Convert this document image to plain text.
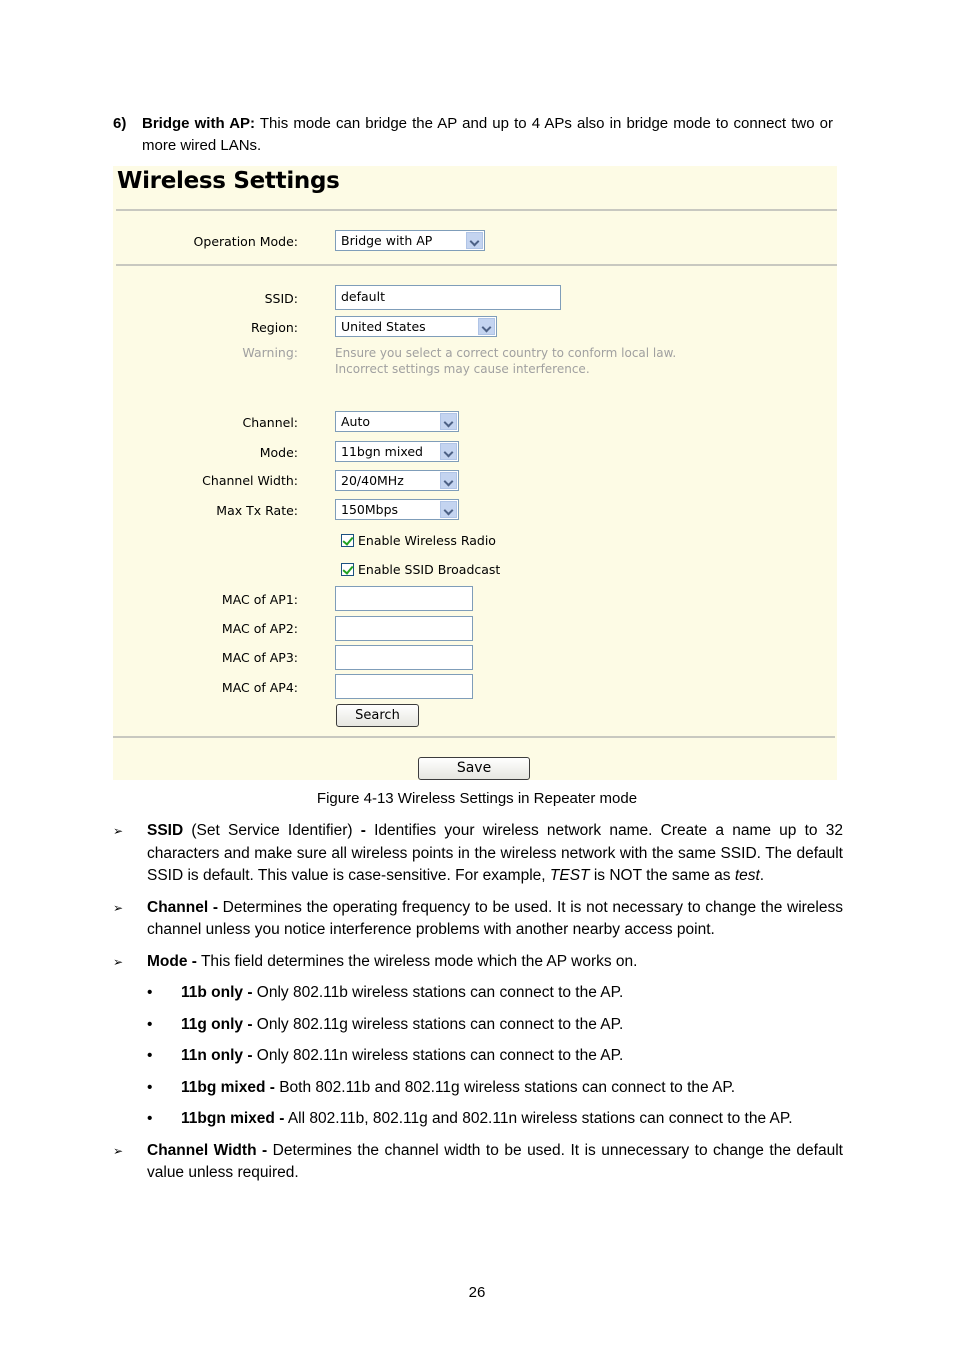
6) Bridge with AP: This mode can bridge the AP and up to 4 APs also in bridge mode to connect two or more wired LANs.
Wireless Settings
Operation Mode:	Bridge with AP
SSID:	default
Region:	United States
Warning:	Ensure you select a correct country to conform local law.
Incorrect settings may cause interference.
Channel:	Auto
Mode:	11bgn mixed
Channel Width:	20/40MHz
Max Tx Rate:	150Mbps
Enable Wireless Radio
Enable SSID Broadcast
MAC of AP1:
MAC of AP2:
MAC of AP3:
MAC of AP4:
Search
Save
Figure 4-13 Wireless Settings in Repeater mode
➢ SSID (Set Service Identifier) - Identifies your wireless network name. Create a name up to 32 characters and make sure all wireless points in the wireless network with the same SSID. The default SSID is default. This value is case-sensitive. For example, TEST is NOT the same as test.
➢ Channel - Determines the operating frequency to be used. It is not necessary to change the wireless channel unless you notice interference problems with another nearby access point.
➢ Mode - This field determines the wireless mode which the AP works on.
• 11b only - Only 802.11b wireless stations can connect to the AP.
• 11g only - Only 802.11g wireless stations can connect to the AP.
• 11n only - Only 802.11n wireless stations can connect to the AP.
• 11bg mixed - Both 802.11b and 802.11g wireless stations can connect to the AP.
• 11bgn mixed - All 802.11b, 802.11g and 802.11n wireless stations can connect to the AP.
➢ Channel Width - Determines the channel width to be used. It is unnecessary to change the default value unless required.
26
